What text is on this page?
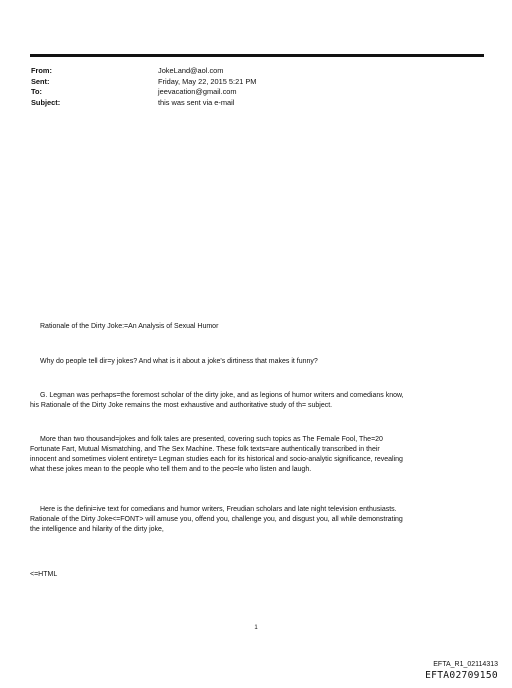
From:	JokeLand@aol.com
Sent:	Friday, May 22, 2015 5:21 PM
To:	jeevacation@gmail.com
Subject:	this was sent via e-mail
Rationale of the Dirty Joke:=An Analysis of Sexual Humor
Why do people tell dir=y jokes? And what is it about a joke's dirtiness that makes it funny?
G. Legman was perhaps=the foremost scholar of the dirty joke, and as legions of humor writers and comedians know,
his Rationale of the Dirty Joke remains the most exhaustive and authoritative study of th= subject.
More than two thousand=jokes and folk tales are presented, covering such topics as The Female Fool, The=20
Fortunate Fart, Mutual Mismatching, and The Sex Machine. These folk texts=are authentically transcribed in their
innocent and sometimes violent entirety= Legman studies each for its historical and socio-analytic significance, revealing
what these jokes mean to the people who tell them and to the peo=le who listen and laugh.
Here is the defini=ive text for comedians and humor writers, Freudian scholars and late night television enthusiasts.
Rationale of the Dirty Joke<=FONT> will amuse you, offend you, challenge you, and disgust you, all while demonstrating
the intelligence and hilarity of the dirty joke,
<=HTML
1
EFTA_R1_02114313
EFTA02709150
